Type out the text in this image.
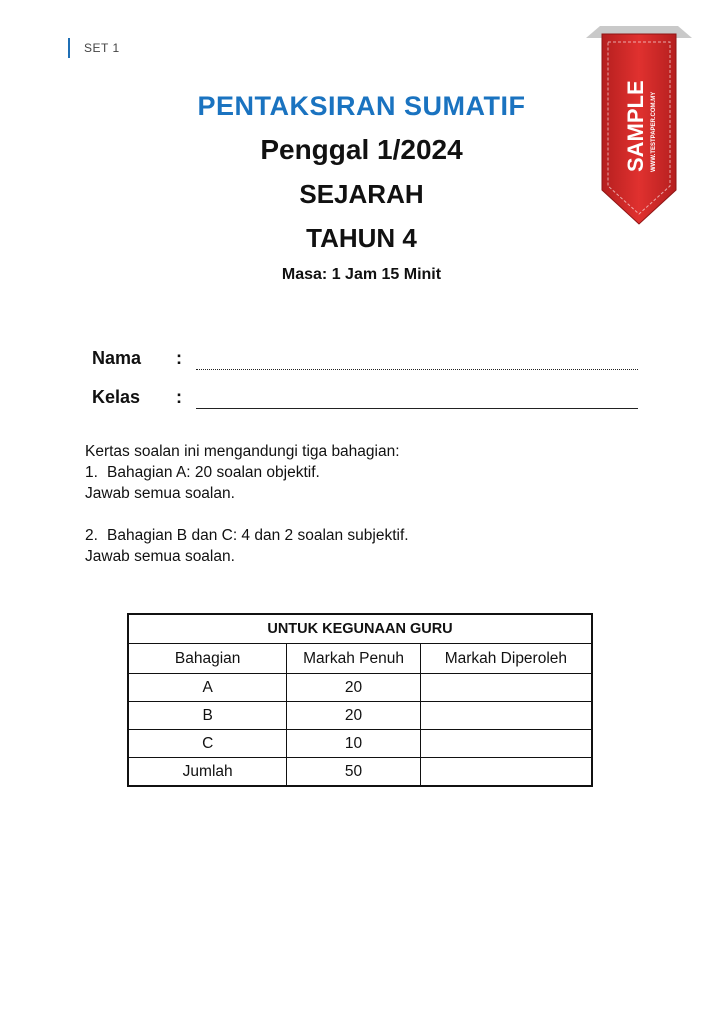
SET 1
SAMPLE WWW.TESTPAPER.COM.MY

PENTAKSIRAN SUMATIF

Penggal 1/2024

SEJARAH

TAHUN 4

Masa: 1 Jam 15 Minit

Nama :
Kelas :

Kertas soalan ini mengandungi tiga bahagian:

1. Bahagian A: 20 soalan objektif.

Jawab semua soalan.

2. Bahagian B dan C: 4 dan 2 soalan subjektif.

Jawab semua soalan.

UNTUK KEGUNAAN GURU		
Bahagian	Markah Penuh	Markah Diperoleh
A	20	
B	20	
C	10	
Jumlah	50	
